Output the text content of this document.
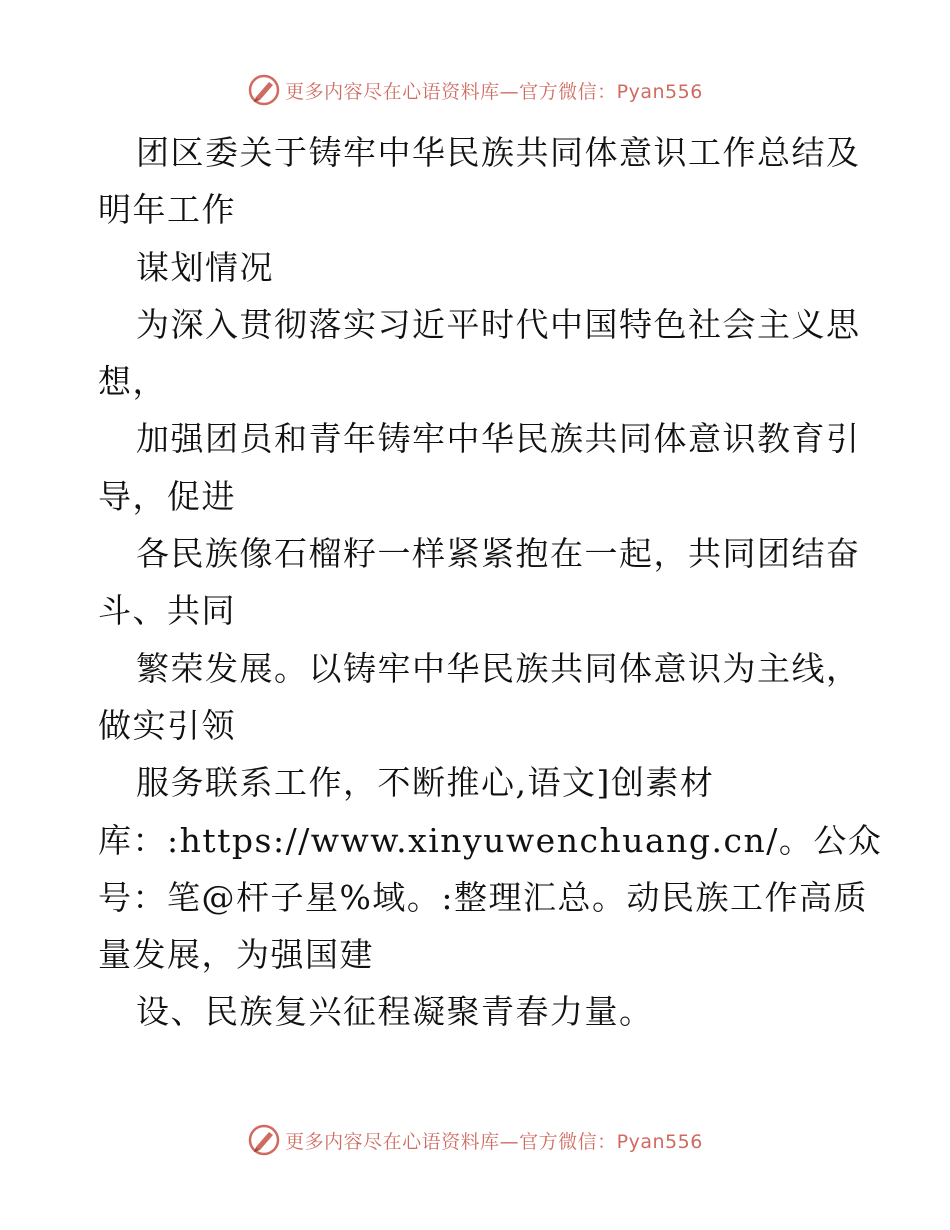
更多内容尽在心语资料库—官方微信：Pyan556
团区委关于铸牢中华民族共同体意识工作总结及
明年工作
谋划情况
为深入贯彻落实习近平时代中国特色社会主义思
想，
加强团员和青年铸牢中华民族共同体意识教育引
导，促进
各民族像石榴籽一样紧紧抱在一起，共同团结奋
斗、共同
繁荣发展。以铸牢中华民族共同体意识为主线，
做实引领
服务联系工作，不断推心,语文]创素材
库：:https://www.xinyuwenchuang.cn/。公众
号：笔@杆子星%域。:整理汇总。动民族工作高质
量发展，为强国建
设、民族复兴征程凝聚青春力量。
更多内容尽在心语资料库—官方微信：Pyan556
